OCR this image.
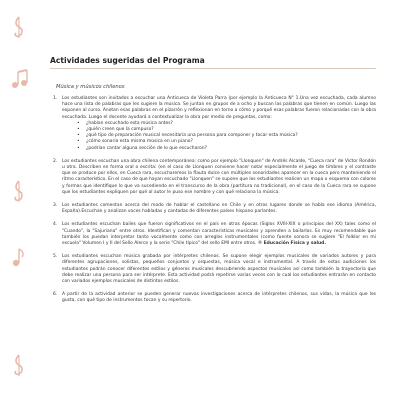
Actividades sugeridas del Programa
Música y músicos chilenos
1. Los estudiantes son invitados a escuchar una Anticueca de Violeta Parra (por ejemplo la Anticueca N° 1.Una vez escuchada, cada alumno hace una lista de palabras que les sugiere la música. Se juntan en grupos de a ocho y buscan las palabras que tienen en común. Luego las exponen al curso. Anotan esas palabras en el pizarrón y reflexionan en torno a cómo y porqué esas palabras fueron relacionadas con la obra escuchada. Luego el docente ayudará a contextualizar la obra por medio de preguntas, como:
• ¿habían escuchado esta música antes?
• ¿quién creen que la compuso?
• ¿qué tipo de preparación musical necesitaría una persona para componer y tocar esta música?
• ¿cómo sonaría esta misma música en un piano?
• ¿podrían cantar alguna sección de lo que escucharon?
2. Los estudiantes escuchan una obra chilena contemporánea: como por ejemplo "Llonquen" de Andrés Alcalde, "Cueca rara" de Víctor Rondón u otra. Describen en forma oral o escrita: (en el caso de Llonquen conviene hacer notar especialmente el juego de timbres y el contraste que se produce por ellos, en Cueca rara, escucharemos la flauta dulce con múltiples sonoridades aparecer en la cueca pero manteniendo el ritmo característico. En el caso de que hayan escuchado "Llonquen" se supone que los estudiantes realicen un mapa o esquema con colores y formas que identifique lo que va sucediendo en el transcurso de la obra (partitura no tradicional), en el caso de la Cueca rara se supone que los estudiantes expliquen por qué al autor le puso ese nombre y con qué relaciona la música.
3. Los estudiantes comentan acerca del modo de hablar el castellano en Chile y en otros lugares donde se habla ese idioma (América, España).Escuchan y analizan voces habladas y cantadas de diferentes países hispano parlantes.
4. Los estudiantes escuchan bailes que fueron significativos en el país en otras épocas (Siglos XVIII-XIX o principios del XX) tales como el "Cuando", la "Sajuriana" entre otros. Identifican y comentan características musicales y aprenden a bailarlos. Es muy recomendable que también los puedan interpretar tanto vocalmente como con arreglos instrumentales (como fuente sonora se sugiere "El folklor en mi escuela" Volumen I y II del Sello Alerce y la serie "Chile típico" del sello EMI entre otros. ® Educación Física y salud.
5. Los estudiantes escuchan música grabada por intérpretes chilenos. Se supone elegir ejemplos musicales de variados autores y para diferentes agrupaciones, solistas, pequeños conjuntos y orquestas, música vocal e instrumental. A través de estas audiciones los estudiantes podrán conocer diferentes estilos y géneros musicales descubriendo aspectos musicales así como también la trayectoria que debe realizar una persona para ser intérprete. Esta actividad podrá repetirse varias veces con lo cual los estudiantes entrarán en contacto con variados ejemplos musicales de distintos estilos.
6. A partir de la actividad anterior se pueden generar nuevas investigaciones acerca de intérpretes chilenos, sus vidas, la música que les gusta, con qué tipo de instrumentos tocan y su repertorio.
